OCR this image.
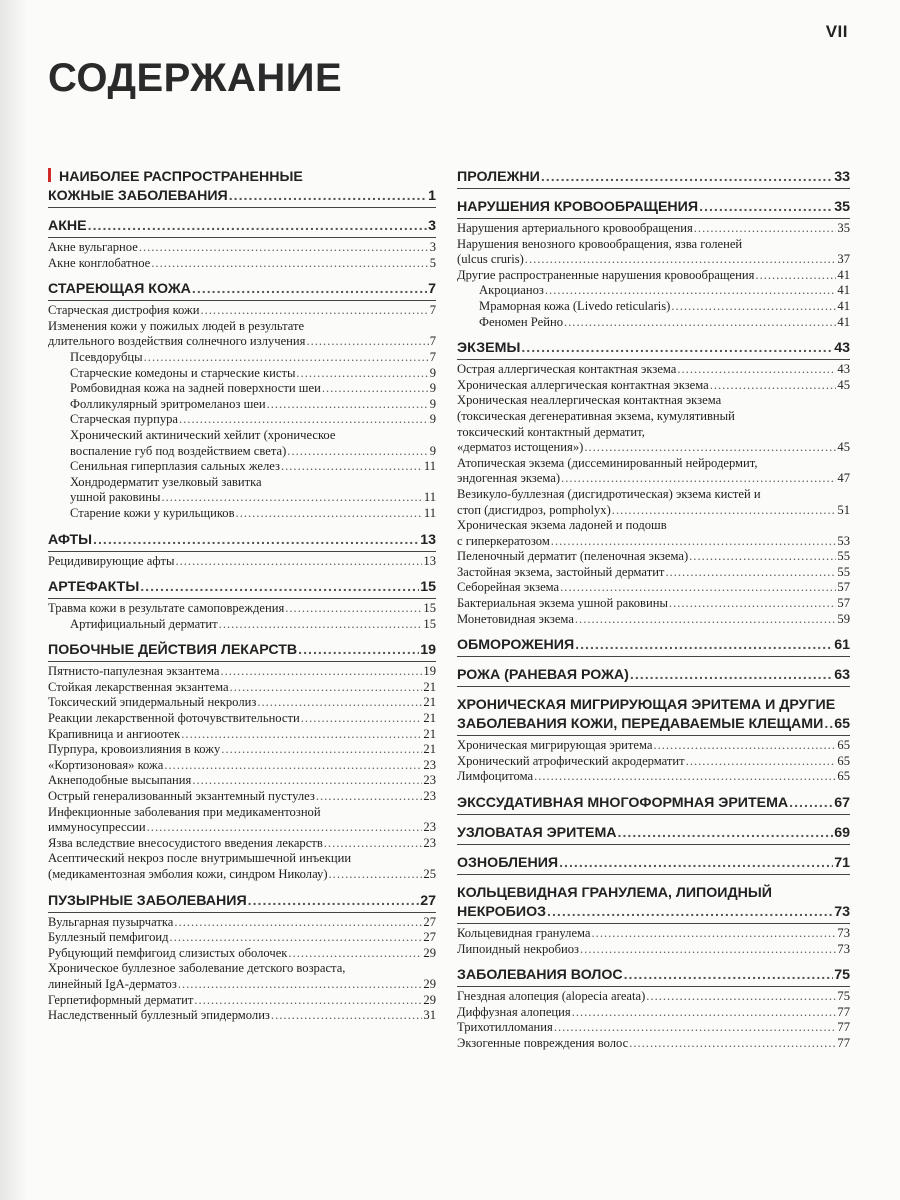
VII
СОДЕРЖАНИЕ
НАИБОЛЕЕ РАСПРОСТРАНЕННЫЕ
КОЖНЫЕ ЗАБОЛЕВАНИЯ .....	1
АКНЕ .....	3
Акне вульгарное .....	3
Акне конглобатное .....	5
СТАРЕЮЩАЯ КОЖА .....	7
Старческая дистрофия кожи .....	7
Изменения кожи у пожилых людей в результате
длительного воздействия солнечного излучения .....	7
Псевдорубцы .....	7
Старческие комедоны и старческие кисты .....	9
Ромбовидная кожа на задней поверхности шеи .....	9
Фолликулярный эритромеланоз шеи .....	9
Старческая пурпура .....	9
Хронический актинический хейлит (хроническое
воспаление губ под воздействием света) .....	9
Сенильная гиперплазия сальных желез .....	11
Хондродерматит узелковый завитка
ушной раковины .....	11
Старение кожи у курильщиков .....	11
АФТЫ .....	13
Рецидивирующие афты .....	13
АРТЕФАКТЫ .....	15
Травма кожи в результате самоповреждения .....	15
Артифициальный дерматит .....	15
ПОБОЧНЫЕ ДЕЙСТВИЯ ЛЕКАРСТВ .....	19
Пятнисто-папулезная экзантема .....	19
Стойкая лекарственная экзантема .....	21
Токсический эпидермальный некролиз .....	21
Реакции лекарственной фоточувствительности .....	21
Крапивница и ангиоотек .....	21
Пурпура, кровоизлияния в кожу .....	21
«Кортизоновая» кожа .....	23
Акнеподобные высыпания .....	23
Острый генерализованный экзантемный пустулез .....	23
Инфекционные заболевания при медикаментозной
иммуносупрессии .....	23
Язва вследствие внесосудистого введения лекарств .....	23
Асептический некроз после внутримышечной инъекции
(медикаментозная эмболия кожи, синдром Николау) .....	25
ПУЗЫРНЫЕ ЗАБОЛЕВАНИЯ .....	27
Вульгарная пузырчатка .....	27
Буллезный пемфигоид .....	27
Рубцующий пемфигоид слизистых оболочек .....	29
Хроническое буллезное заболевание детского возраста,
линейный IgA-дерматоз .....	29
Герпетиформный дерматит .....	29
Наследственный буллезный эпидермолиз .....	31
ПРОЛЕЖНИ .....	33
НАРУШЕНИЯ КРОВООБРАЩЕНИЯ .....	35
Нарушения артериального кровообращения .....	35
Нарушения венозного кровообращения, язва голеней
(ulcus cruris) .....	37
Другие распространенные нарушения кровообращения .....	41
Акроцианоз .....	41
Мраморная кожа (Livedo reticularis) .....	41
Феномен Рейно .....	41
ЭКЗЕМЫ .....	43
Острая аллергическая контактная экзема .....	43
Хроническая аллергическая контактная экзема .....	45
Хроническая неаллергическая контактная экзема
(токсическая дегенеративная экзема, кумулятивный
токсический контактный дерматит,
«дерматоз истощения») .....	45
Атопическая экзема (диссеминированный нейродермит,
эндогенная экзема) .....	47
Везикуло-буллезная (дисгидротическая) экзема кистей и
стоп (дисгидроз, pompholyx) .....	51
Хроническая экзема ладоней и подошв
с гиперкератозом .....	53
Пеленочный дерматит (пеленочная экзема) .....	55
Застойная экзема, застойный дерматит .....	55
Себорейная экзема .....	57
Бактериальная экзема ушной раковины .....	57
Монетовидная экзема .....	59
ОБМОРОЖЕНИЯ .....	61
РОЖА (РАНЕВАЯ РОЖА) .....	63
ХРОНИЧЕСКАЯ МИГРИРУЮЩАЯ ЭРИТЕМА И ДРУГИЕ
ЗАБОЛЕВАНИЯ КОЖИ, ПЕРЕДАВАЕМЫЕ КЛЕЩАМИ ..... 65
Хроническая мигрирующая эритема .....	65
Хронический атрофический акродерматит .....	65
Лимфоцитома .....	65
ЭКССУДАТИВНАЯ МНОГОФОРМНАЯ ЭРИТЕМА .....	67
УЗЛОВАТАЯ ЭРИТЕМА .....	69
ОЗНОБЛЕНИЯ .....	71
КОЛЬЦЕВИДНАЯ ГРАНУЛЕМА, ЛИПОИДНЫЙ
НЕКРОБИОЗ .....	73
Кольцевидная гранулема .....	73
Липоидный некробиоз .....	73
ЗАБОЛЕВАНИЯ ВОЛОС .....	75
Гнездная алопеция (alopecia areata) .....	75
Диффузная алопеция .....	77
Трихотилломания .....	77
Экзогенные повреждения волос .....	77
